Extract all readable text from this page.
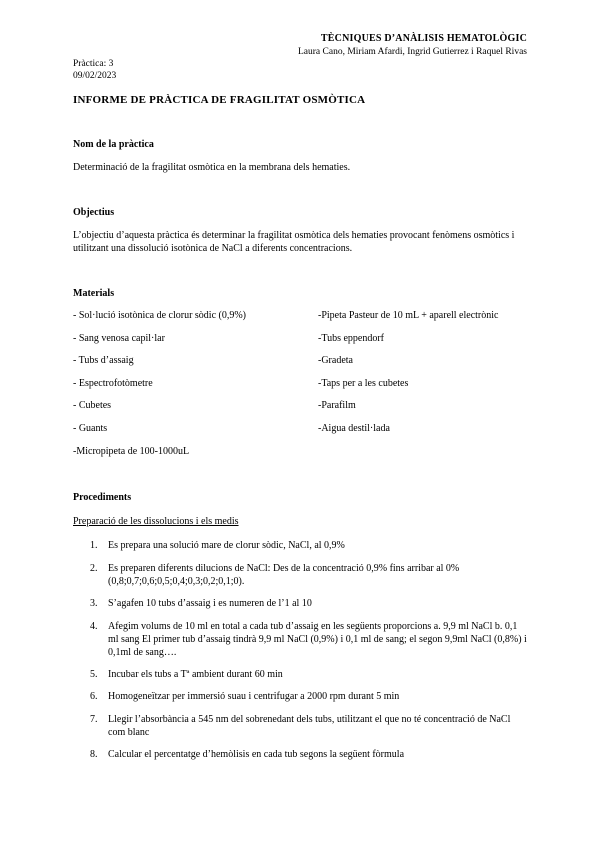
TÈCNIQUES D’ANÀLISIS HEMATOLÒGIC
Laura Cano, Miriam Afardi, Ingrid Gutierrez i Raquel Rivas
Pràctica: 3
09/02/2023
INFORME DE PRÀCTICA DE FRAGILITAT OSMÒTICA
Nom de la pràctica
Determinació de la fragilitat osmòtica en la membrana dels hematies.
Objectius
L’objectiu d’aquesta pràctica és determinar la fragilitat osmòtica dels hematies provocant fenòmens osmòtics i utilitzant una dissolució isotònica de NaCl a diferents concentracions.
Materials
- Sol·lució isotònica de clorur sòdic (0,9%)
- Sang venosa capil·lar
- Tubs d’assaig
- Espectrofotòmetre
- Cubetes
- Guants
-Micropipeta de 100-1000uL
-Pipeta Pasteur de 10 mL + aparell electrònic
-Tubs eppendorf
-Gradeta
-Taps per a les cubetes
-Parafilm
-Aigua destil·lada
Procediments
Preparació de les dissolucions i els medis
1. Es prepara una solució mare de clorur sòdic, NaCl, al 0,9%
2. Es preparen diferents dilucions de NaCl: Des de la concentració 0,9% fins arribar al 0% (0,8;0,7;0,6;0,5;0,4;0,3;0,2;0,1;0).
3. S’agafen 10 tubs d’assaig i es numeren de l’1 al 10
4. Afegim volums de 10 ml en total a cada tub d’assaig en les següents proporcions a. 9,9 ml NaCl b. 0,1 ml sang El primer tub d’assaig tindrà 9,9 ml NaCl (0,9%) i 0,1 ml de sang; el segon 9,9ml NaCl (0,8%) i 0,1ml de sang….
5. Incubar els tubs a Tª ambient durant 60 min
6. Homogeneïtzar per immersió suau i centrifugar a 2000 rpm durant 5 min
7. Llegir l’absorbància a 545 nm del sobrenedant dels tubs, utilitzant el que no té concentració de NaCl com blanc
8. Calcular el percentatge d’hemòlisis en cada tub segons la següent fòrmula
